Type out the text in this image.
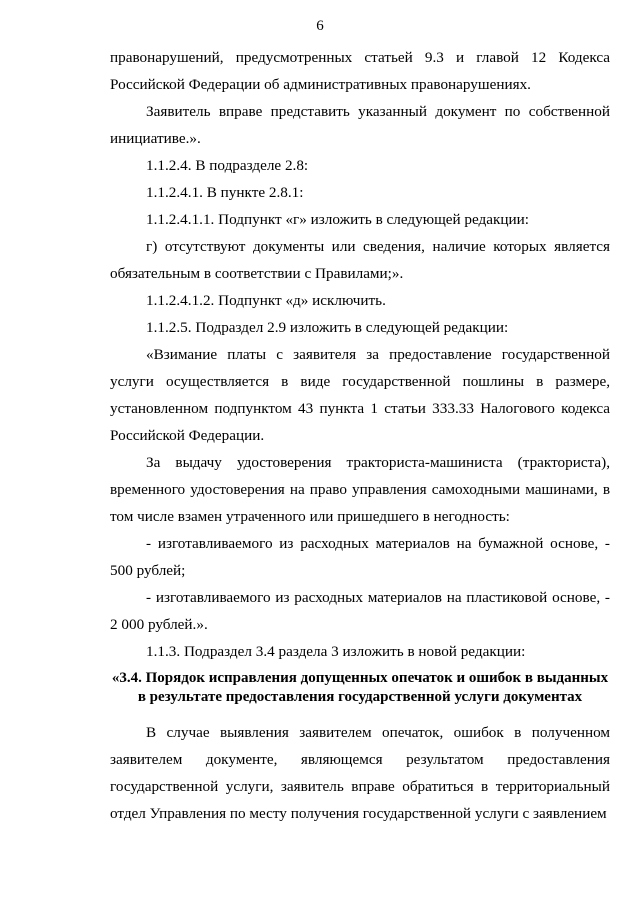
6

правонарушений, предусмотренных статьей 9.3 и главой 12 Кодекса Российской Федерации об административных правонарушениях.

Заявитель вправе представить указанный документ по собственной инициативе.».

1.1.2.4. В подразделе 2.8:

1.1.2.4.1. В пункте 2.8.1:

1.1.2.4.1.1. Подпункт «г» изложить в следующей редакции:

г) отсутствуют документы или сведения, наличие которых является обязательным в соответствии с Правилами;».

1.1.2.4.1.2. Подпункт «д» исключить.

1.1.2.5. Подраздел 2.9 изложить в следующей редакции:

«Взимание платы с заявителя за предоставление государственной услуги осуществляется в виде государственной пошлины в размере, установленном подпунктом 43 пункта 1 статьи 333.33 Налогового кодекса Российской Федерации.

За выдачу удостоверения тракториста-машиниста (тракториста), временного удостоверения на право управления самоходными машинами, в том числе взамен утраченного или пришедшего в негодность:

- изготавливаемого из расходных материалов на бумажной основе, - 500 рублей;

- изготавливаемого из расходных материалов на пластиковой основе, - 2 000 рублей.».

1.1.3. Подраздел 3.4 раздела 3 изложить в новой редакции:

«3.4. Порядок исправления допущенных опечаток и ошибок в выданных в результате предоставления государственной услуги документах

В случае выявления заявителем опечаток, ошибок в полученном заявителем документе, являющемся результатом предоставления государственной услуги, заявитель вправе обратиться в территориальный отдел Управления по месту получения государственной услуги с заявлением
